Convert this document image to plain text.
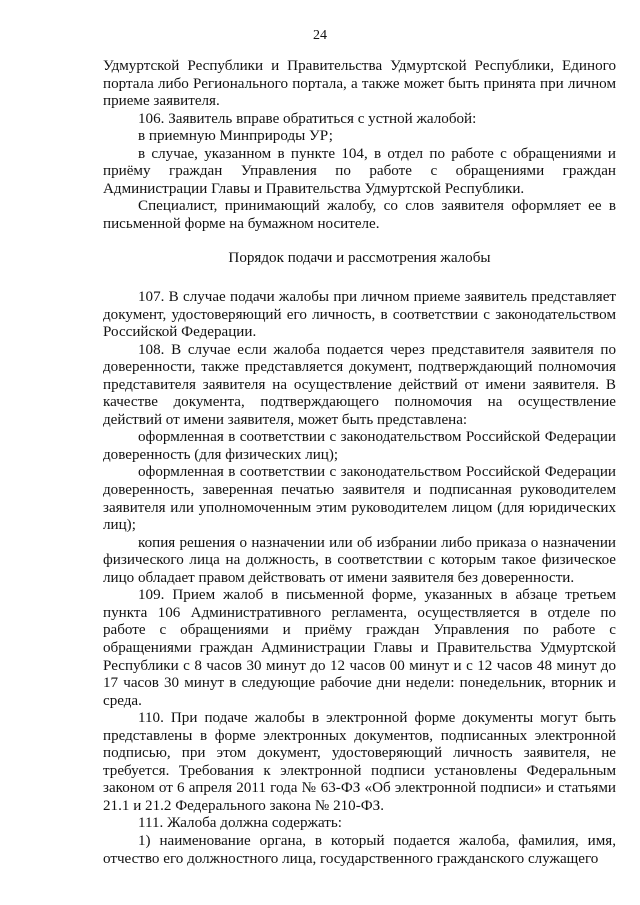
24

Удмуртской Республики и Правительства Удмуртской Республики, Единого портала либо Регионального портала, а также может быть принята при личном приеме заявителя.

106. Заявитель вправе обратиться с устной жалобой:

в приемную Минприроды УР;

в случае, указанном в пункте 104, в отдел по работе с обращениями и приёму граждан Управления по работе с обращениями граждан Администрации Главы и Правительства Удмуртской Республики.

Специалист, принимающий жалобу, со слов заявителя оформляет ее в письменной форме на бумажном носителе.

Порядок подачи и рассмотрения жалобы

107. В случае подачи жалобы при личном приеме заявитель представляет документ, удостоверяющий его личность, в соответствии с законодательством Российской Федерации.

108. В случае если жалоба подается через представителя заявителя по доверенности, также представляется документ, подтверждающий полномочия представителя заявителя на осуществление действий от имени заявителя. В качестве документа, подтверждающего полномочия на осуществление действий от имени заявителя, может быть представлена:

оформленная в соответствии с законодательством Российской Федерации доверенность (для физических лиц);

оформленная в соответствии с законодательством Российской Федерации доверенность, заверенная печатью заявителя и подписанная руководителем заявителя или уполномоченным этим руководителем лицом (для юридических лиц);

копия решения о назначении или об избрании либо приказа о назначении физического лица на должность, в соответствии с которым такое физическое лицо обладает правом действовать от имени заявителя без доверенности.

109. Прием жалоб в письменной форме, указанных в абзаце третьем пункта 106 Административного регламента, осуществляется в отделе по работе с обращениями и приёму граждан Управления по работе с обращениями граждан Администрации Главы и Правительства Удмуртской Республики с 8 часов 30 минут до 12 часов 00 минут и с 12 часов 48 минут до 17 часов 30 минут в следующие рабочие дни недели: понедельник, вторник и среда.

110. При подаче жалобы в электронной форме документы могут быть представлены в форме электронных документов, подписанных электронной подписью, при этом документ, удостоверяющий личность заявителя, не требуется. Требования к электронной подписи установлены Федеральным законом от 6 апреля 2011 года № 63-ФЗ «Об электронной подписи» и статьями 21.1 и 21.2 Федерального закона № 210-ФЗ.

111. Жалоба должна содержать:

1) наименование органа, в который подается жалоба, фамилия, имя, отчество его должностного лица, государственного гражданского служащего
